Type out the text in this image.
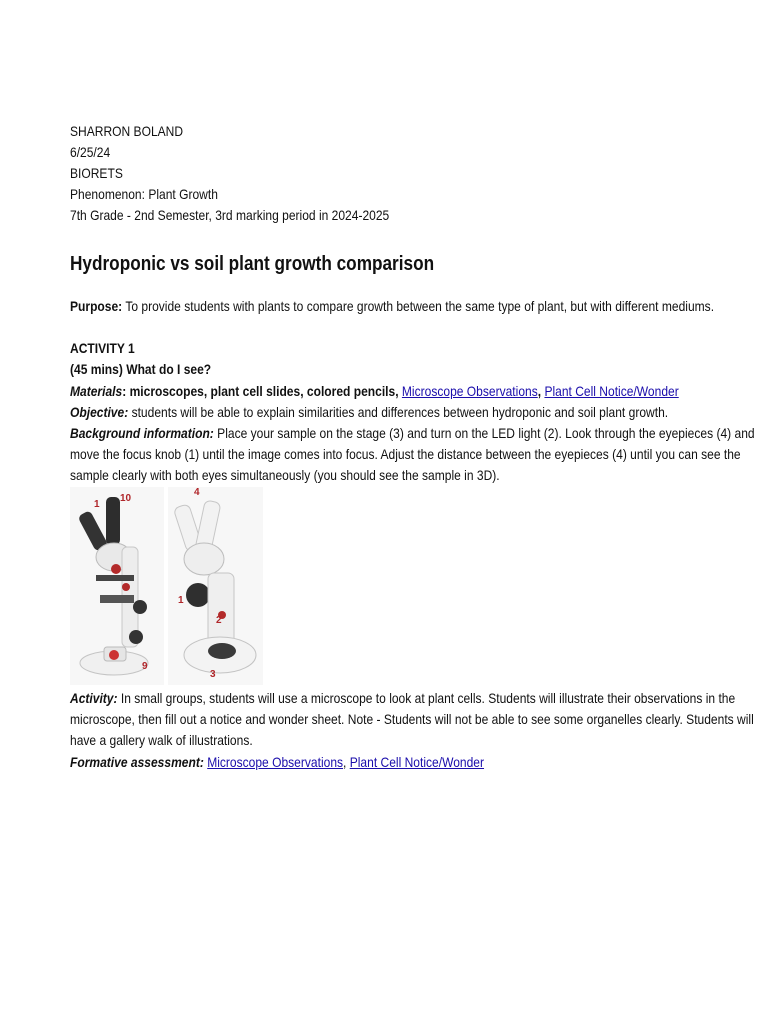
SHARRON BOLAND
6/25/24
BIORETS
Phenomenon: Plant Growth
7th Grade - 2nd Semester, 3rd marking period in 2024-2025
Hydroponic vs soil plant growth comparison
Purpose: To provide students with plants to compare growth between the same type of plant, but with different mediums.
ACTIVITY 1
(45 mins) What do I see?
Materials: microscopes, plant cell slides, colored pencils, Microscope Observations, Plant Cell Notice/Wonder
Objective: students will be able to explain similarities and differences between hydroponic and soil plant growth.
Background information: Place your sample on the stage (3) and turn on the LED light (2). Look through the eyepieces (4) and
move the focus knob (1) until the image comes into focus. Adjust the distance between the eyepieces (4) until you can see the
sample clearly with both eyes simultaneously (you should see the sample in 3D).
1
10
9
4
1
2
3
Activity: In small groups, students will use a microscope to look at plant cells. Students will illustrate their observations in the
microscope, then fill out a notice and wonder sheet. Note - Students will not be able to see some organelles clearly. Students will
have a gallery walk of illustrations.
Formative assessment: Microscope Observations, Plant Cell Notice/Wonder
